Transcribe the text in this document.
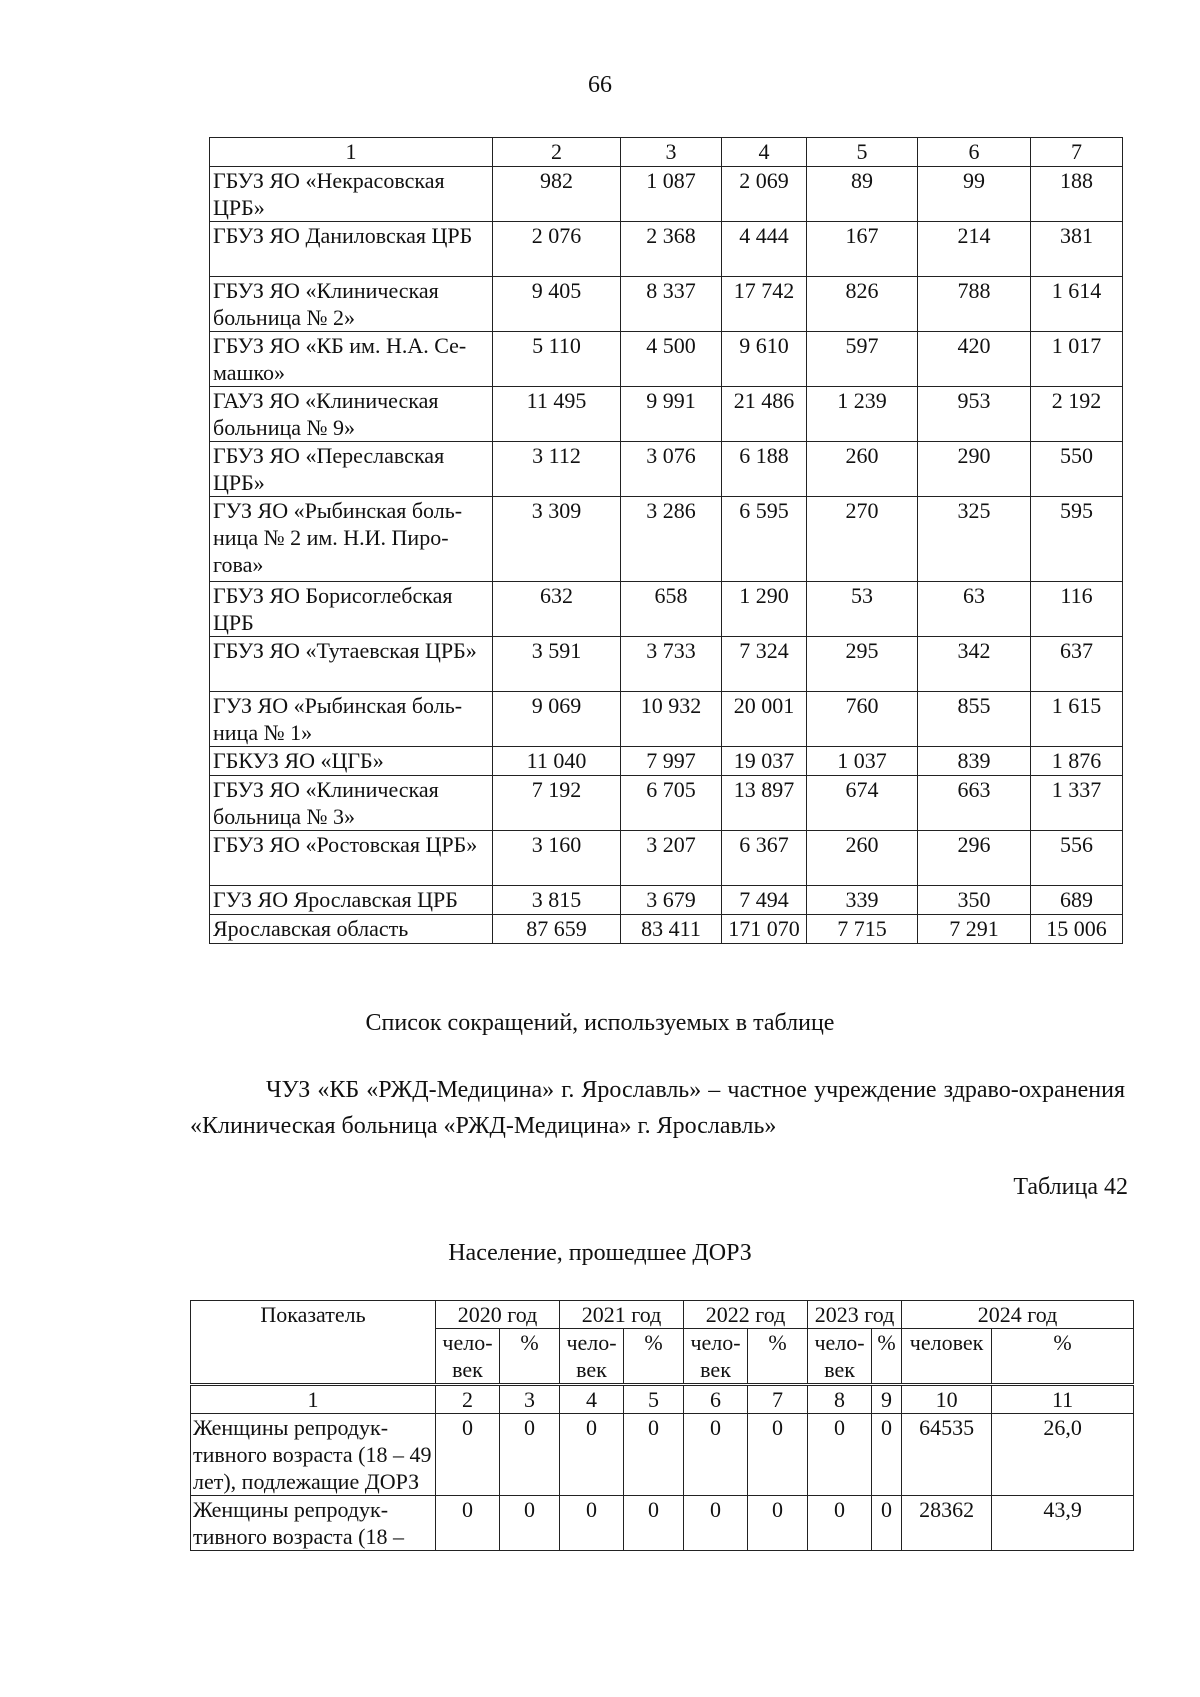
66
1	2	3	4	5	6	7
ГБУЗ ЯО «Некрасовская ЦРБ»	982	1 087	2 069	89	99	188
ГБУЗ ЯО Даниловская ЦРБ	2 076	2 368	4 444	167	214	381
ГБУЗ ЯО «Клиническая больница № 2»	9 405	8 337	17 742	826	788	1 614
ГБУЗ ЯО «КБ им. Н.А. Се-машко»	5 110	4 500	9 610	597	420	1 017
ГАУЗ ЯО «Клиническая больница № 9»	11 495	9 991	21 486	1 239	953	2 192
ГБУЗ ЯО «Переславская ЦРБ»	3 112	3 076	6 188	260	290	550
ГУЗ ЯО «Рыбинская боль-ница № 2 им. Н.И. Пиро-гова»	3 309	3 286	6 595	270	325	595
ГБУЗ ЯО Борисоглебская ЦРБ	632	658	1 290	53	63	116
ГБУЗ ЯО «Тутаевская ЦРБ»	3 591	3 733	7 324	295	342	637
ГУЗ ЯО «Рыбинская боль-ница № 1»	9 069	10 932	20 001	760	855	1 615
ГБКУЗ ЯО «ЦГБ»	11 040	7 997	19 037	1 037	839	1 876
ГБУЗ ЯО «Клиническая больница № 3»	7 192	6 705	13 897	674	663	1 337
ГБУЗ ЯО «Ростовская ЦРБ»	3 160	3 207	6 367	260	296	556
ГУЗ ЯО Ярославская ЦРБ	3 815	3 679	7 494	339	350	689
Ярославская область	87 659	83 411	171 070	7 715	7 291	15 006
Список сокращений, используемых в таблице
ЧУЗ «КБ «РЖД-Медицина» г. Ярославль» – частное учреждение здраво-охранения «Клиническая больница «РЖД-Медицина» г. Ярославль»
Таблица 42
Население, прошедшее ДОРЗ
Показатель	2020 год		2021 год		2022 год		2023 год		2024 год	
	чело-век	%	чело-век	%	чело-век	%	чело-век	%	человек	%
1	2	3	4	5	6	7	8	9	10	11
Женщины репродук-тивного возраста (18 – 49 лет), подлежащие ДОРЗ	0	0	0	0	0	0	0	0	64535	26,0
Женщины репродук-тивного возраста (18 –	0	0	0	0	0	0	0	0	28362	43,9
